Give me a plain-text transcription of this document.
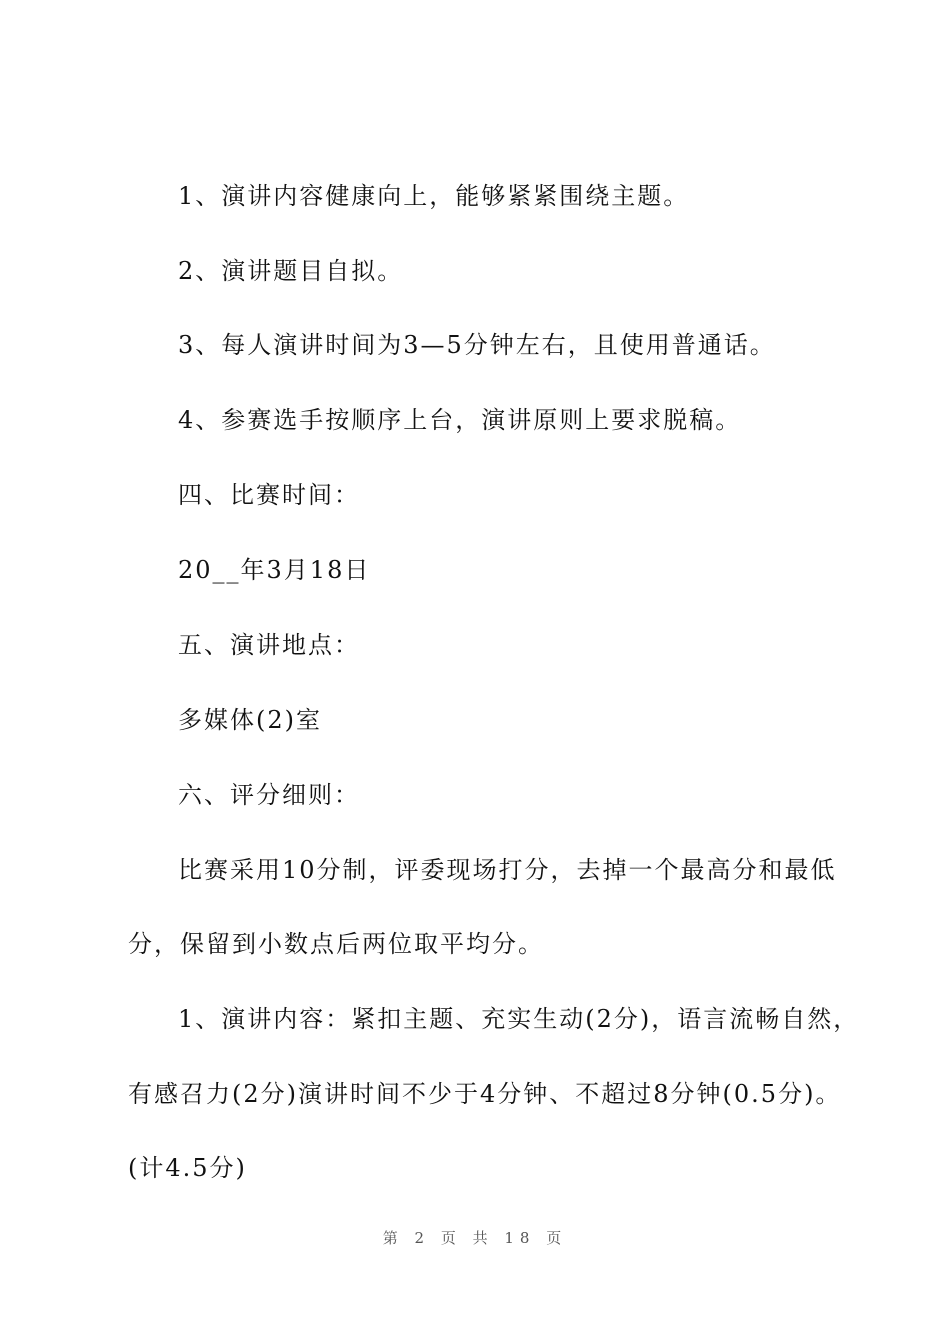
1、演讲内容健康向上，能够紧紧围绕主题。
2、演讲题目自拟。
3、每人演讲时间为3—5分钟左右，且使用普通话。
4、参赛选手按顺序上台，演讲原则上要求脱稿。
四、比赛时间：
20__年3月18日
五、演讲地点：
多媒体(2)室
六、评分细则：
比赛采用10分制，评委现场打分，去掉一个最高分和最低
分，保留到小数点后两位取平均分。
1、演讲内容：紧扣主题、充实生动(2分)，语言流畅自然，
有感召力(2分)演讲时间不少于4分钟、不超过8分钟(0.5分)。
(计4.5分)
第 2 页 共 18 页
